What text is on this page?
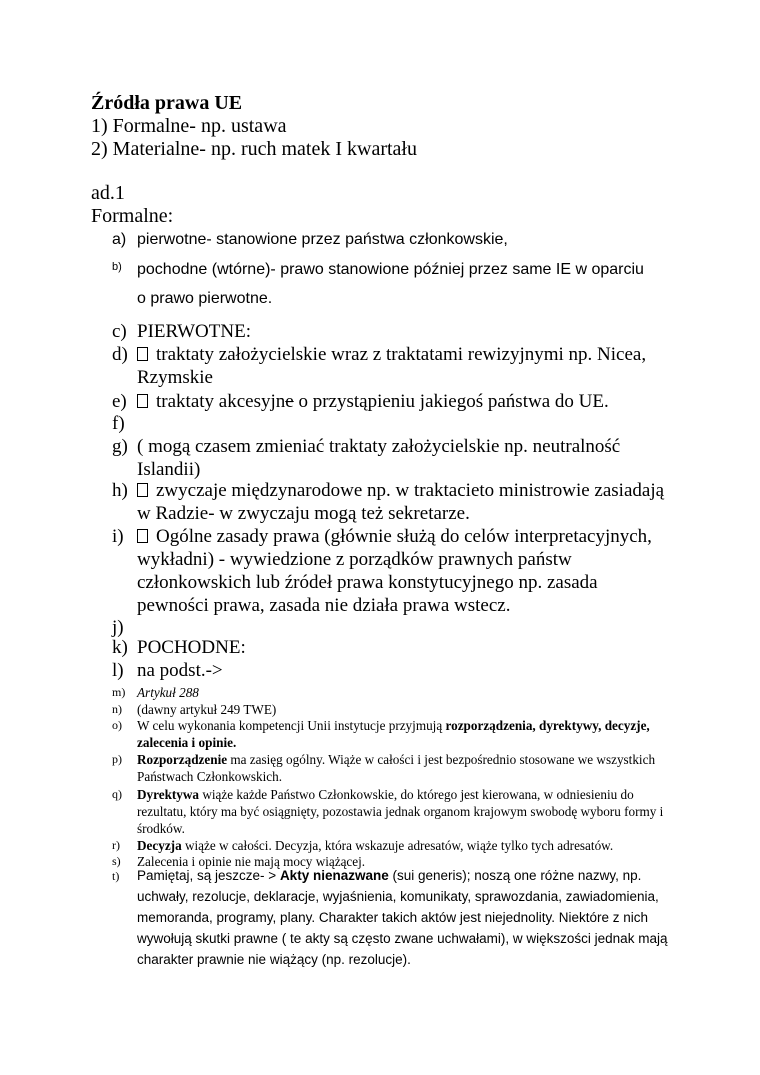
Źródła prawa UE
1) Formalne- np. ustawa
2) Materialne- np. ruch matek I kwartału
ad.1
Formalne:
a) pierwotne- stanowione przez państwa członkowskie,
b) pochodne (wtórne)- prawo stanowione później przez same IE w oparciu o prawo pierwotne.
c) PIERWOTNE:
d)	traktaty założycielskie wraz z traktatami rewizyjnymi np. Nicea, Rzymskie
e)	traktaty akcesyjne o przystąpieniu jakiegoś państwa do UE.
f)
g) ( mogą czasem zmieniać traktaty założycielskie np. neutralność Islandii)
h)	zwyczaje międzynarodowe np. w traktacieto ministrowie zasiadają w Radzie- w zwyczaju mogą też sekretarze.
i)	Ogólne zasady prawa (głównie służą do celów interpretacyjnych, wykładni) - wywiedzione z porządków prawnych państw członkowskich lub źródeł prawa konstytucyjnego np. zasada pewności prawa, zasada nie działa prawa wstecz.
j)
k) POCHODNE:
l) na podst.->
m) Artykuł 288
n) (dawny artykuł 249 TWE)
o) W celu wykonania kompetencji Unii instytucje przyjmują rozporządzenia, dyrektywy, decyzje, zalecenia i opinie.
p) Rozporządzenie ma zasięg ogólny. Wiąże w całości i jest bezpośrednio stosowane we wszystkich Państwach Członkowskich.
q) Dyrektywa wiąże każde Państwo Członkowskie, do którego jest kierowana, w odniesieniu do rezultatu, który ma być osiągnięty, pozostawia jednak organom krajowym swobodę wyboru formy i środków.
r) Decyzja wiąże w całości. Decyzja, która wskazuje adresatów, wiąże tylko tych adresatów.
s) Zalecenia i opinie nie mają mocy wiążącej.
t) Pamiętaj, są jeszcze- > Akty nienazwane (sui generis); noszą one różne nazwy, np. uchwały, rezolucje, deklaracje, wyjaśnienia, komunikaty, sprawozdania, zawiadomienia, memoranda, programy, plany. Charakter takich aktów jest niejednolity. Niektóre z nich wywołują skutki prawne ( te akty są często zwane uchwałami), w większości jednak mają charakter prawnie nie wiążący (np. rezolucje).
